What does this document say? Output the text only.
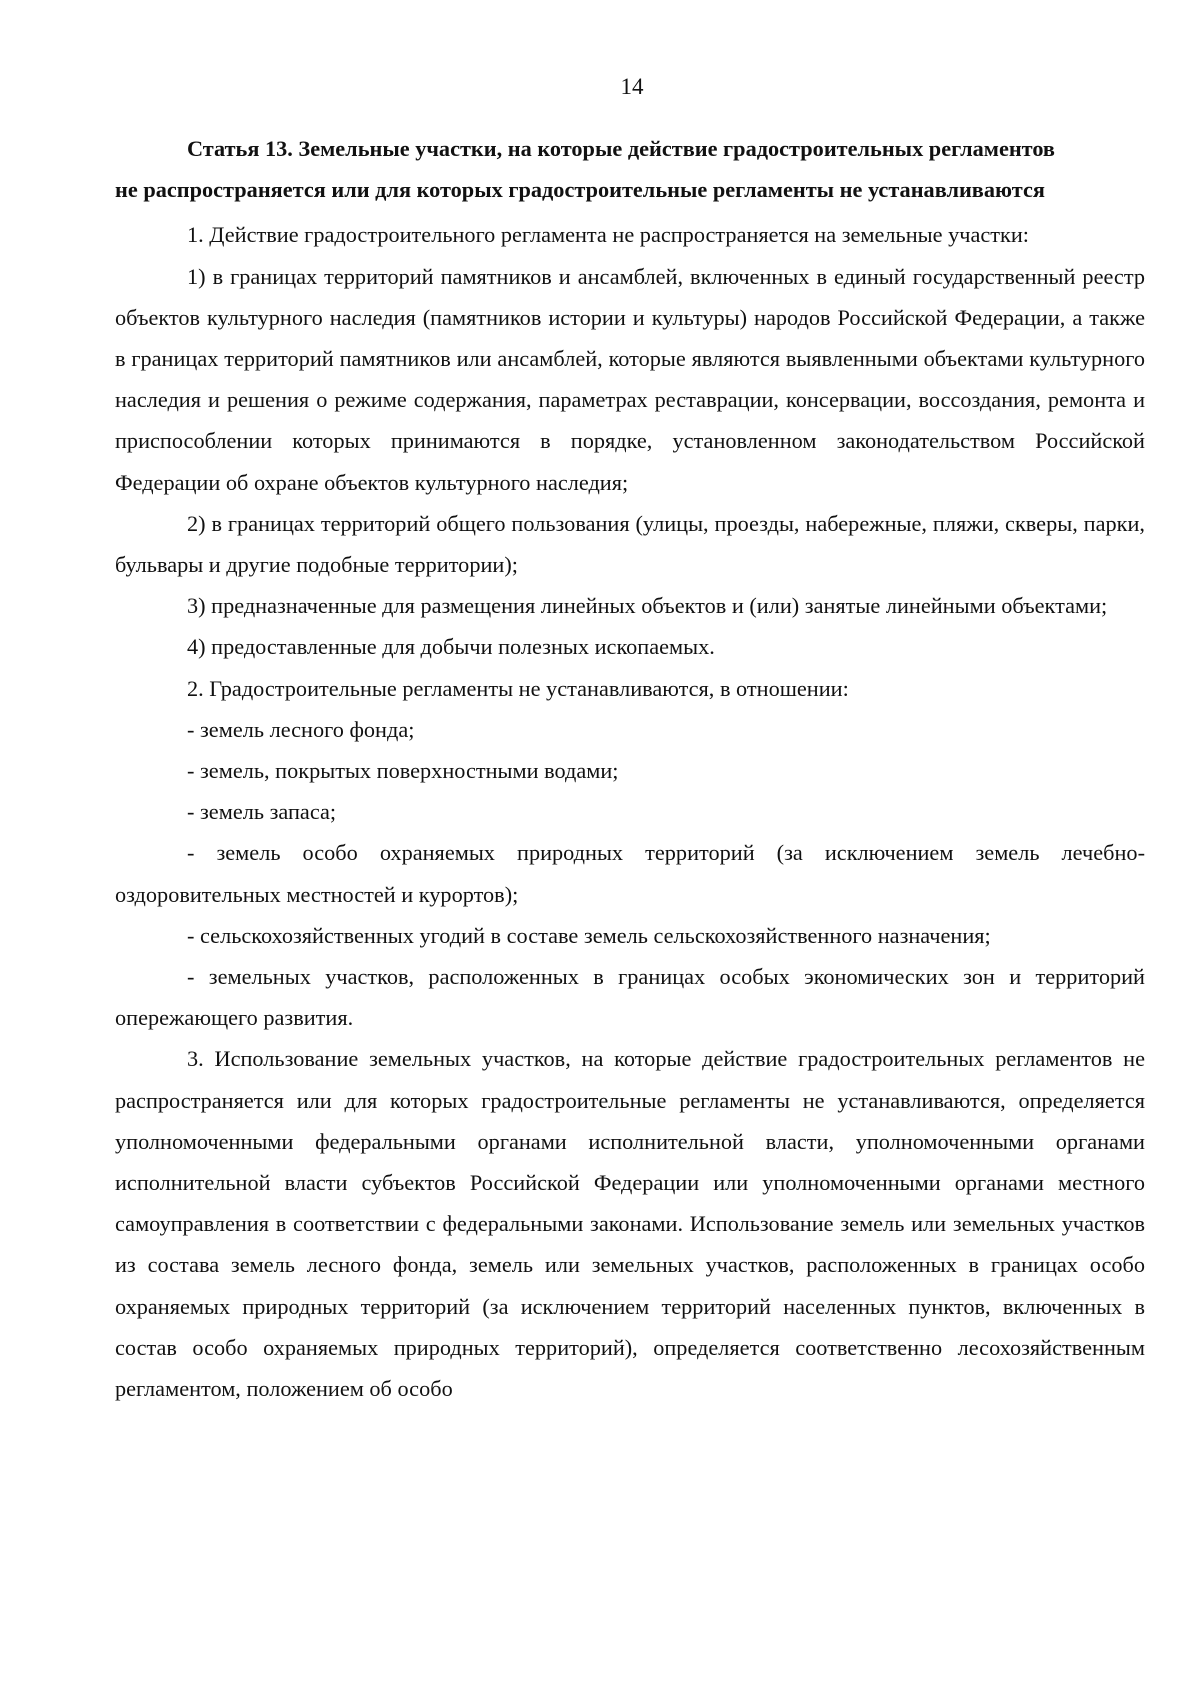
14
Статья 13. Земельные участки, на которые действие градостроительных регламентов
не распространяется или для которых градостроительные регламенты не устанавливаются

1. Действие градостроительного регламента не распространяется на земельные участки:

1) в границах территорий памятников и ансамблей, включенных в единый государственный реестр объектов культурного наследия (памятников истории и культуры) народов Российской Федерации, а также в границах территорий памятников или ансамблей, которые являются выявленными объектами культурного наследия и решения о режиме содержания, параметрах реставрации, консервации, воссоздания, ремонта и приспособлении которых принимаются в порядке, установленном законодательством Российской Федерации об охране объектов культурного наследия;

2) в границах территорий общего пользования (улицы, проезды, набережные, пляжи, скверы, парки, бульвары и другие подобные территории);

3) предназначенные для размещения линейных объектов и (или) занятые линейными объектами;

4) предоставленные для добычи полезных ископаемых.

2. Градостроительные регламенты не устанавливаются, в отношении:

- земель лесного фонда;

- земель, покрытых поверхностными водами;

- земель запаса;

- земель особо охраняемых природных территорий (за исключением земель лечебно-оздоровительных местностей и курортов);

- сельскохозяйственных угодий в составе земель сельскохозяйственного назначения;

- земельных участков, расположенных в границах особых экономических зон и территорий опережающего развития.

3. Использование земельных участков, на которые действие градостроительных регламентов не распространяется или для которых градостроительные регламенты не устанавливаются, определяется уполномоченными федеральными органами исполнительной власти, уполномоченными органами исполнительной власти субъектов Российской Федерации или уполномоченными органами местного самоуправления в соответствии с федеральными законами. Использование земель или земельных участков из состава земель лесного фонда, земель или земельных участков, расположенных в границах особо охраняемых природных территорий (за исключением территорий населенных пунктов, включенных в состав особо охраняемых природных территорий), определяется соответственно лесохозяйственным регламентом, положением об особо
